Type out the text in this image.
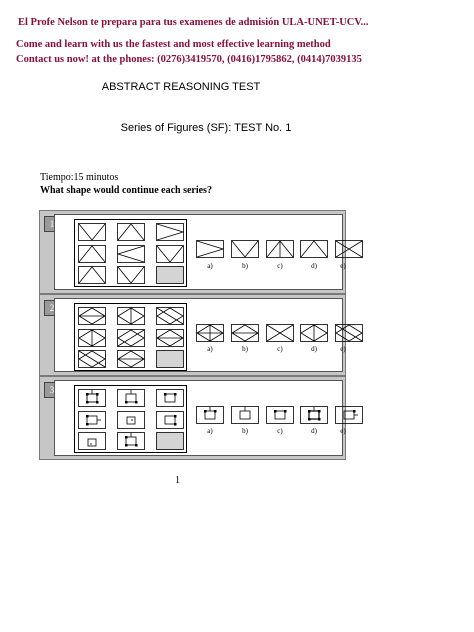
El Profe Nelson te prepara para tus examenes de admisión ULA-UNET-UCV...
Come and learn with us the fastest and most effective learning method
Contact us now! at the phones: (0276)3419570, (0416)1795862, (0414)7039135
ABSTRACT REASONING TEST
Series of Figures (SF): TEST No. 1
Tiempo:15 minutos
What shape would continue each series?
1
a)	b)	c)	d)	e)
2
a)	b)	c)	d)	e)
3
a)	b)	c)	d)	e)
1
